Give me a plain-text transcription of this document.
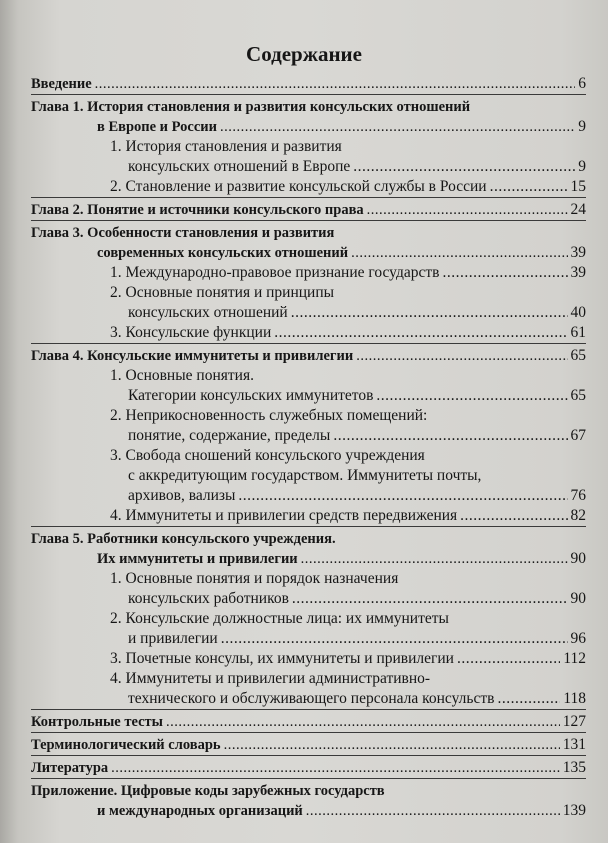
Содержание
Введение .....	6
Глава 1. История становления и развития консульских отношений
в Европе и России .....	9
1. История становления и развития
консульских отношений в Европе .....	9
2. Становление и развитие консульской службы в России .....	15
Глава 2. Понятие и источники консульского права .....	24
Глава 3. Особенности становления и развития
современных консульских отношений .....	39
1. Международно-правовое признание государств .....	39
2. Основные понятия и принципы
консульских отношений .....	40
3. Консульские функции .....	61
Глава 4. Консульские иммунитеты и привилегии .....	65
1. Основные понятия.
Категории консульских иммунитетов .....	65
2. Неприкосновенность служебных помещений:
понятие, содержание, пределы .....	67
3. Свобода сношений консульского учреждения
с аккредитующим государством. Иммунитеты почты,
архивов, вализы .....	76
4. Иммунитеты и привилегии средств передвижения .....	82
Глава 5. Работники консульского учреждения.
Их иммунитеты и привилегии .....	90
1. Основные понятия и порядок назначения
консульских работников .....	90
2. Консульские должностные лица: их иммунитеты
и привилегии .....	96
3. Почетные консулы, их иммунитеты и привилегии .....	112
4. Иммунитеты и привилегии административно-
технического и обслуживающего персонала консульств .....	118
Контрольные тесты .....	127
Терминологический словарь .....	131
Литература .....	135
Приложение. Цифровые коды зарубежных государств
и международных организаций .....	139
